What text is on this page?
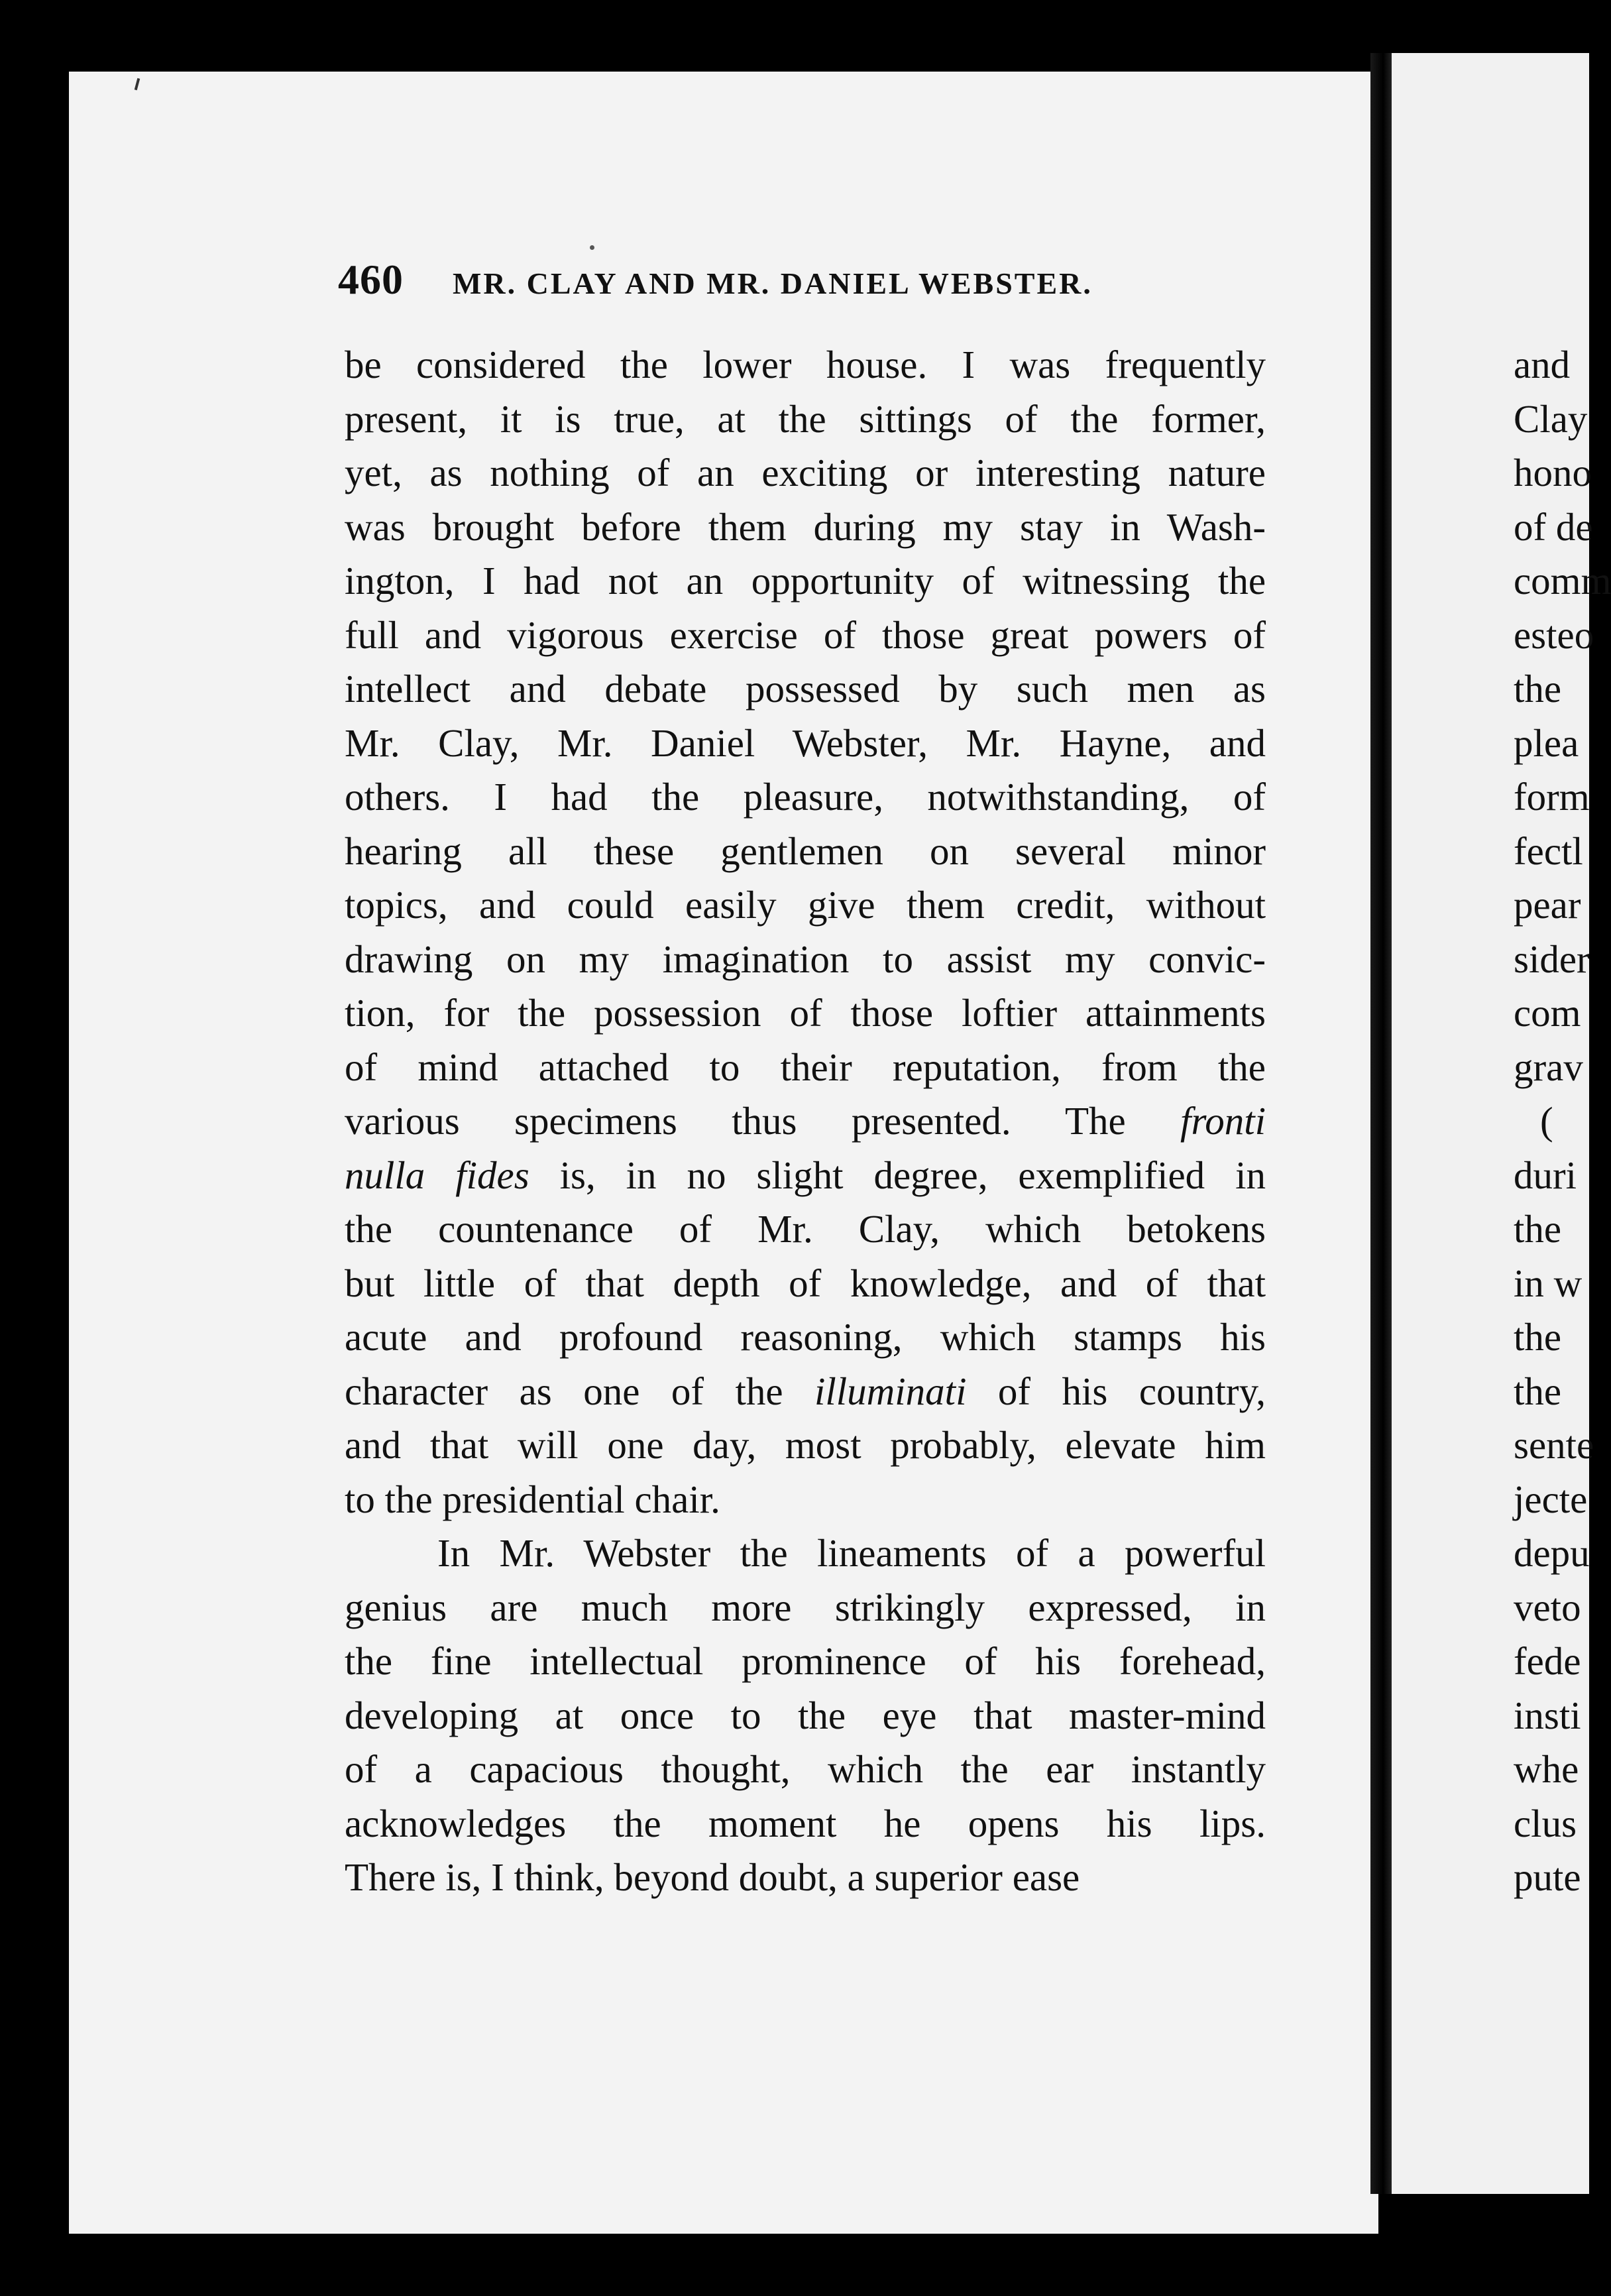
460 MR. CLAY AND MR. DANIEL WEBSTER.
be considered the lower house. I was frequently
present, it is true, at the sittings of the former,
yet, as nothing of an exciting or interesting nature
was brought before them during my stay in Wash-
ington, I had not an opportunity of witnessing the
full and vigorous exercise of those great powers of
intellect and debate possessed by such men as
Mr. Clay, Mr. Daniel Webster, Mr. Hayne, and
others. I had the pleasure, notwithstanding, of
hearing all these gentlemen on several minor
topics, and could easily give them credit, without
drawing on my imagination to assist my convic-
tion, for the possession of those loftier attainments
of mind attached to their reputation, from the
various specimens thus presented. The fronti
nulla fides is, in no slight degree, exemplified in
the countenance of Mr. Clay, which betokens
but little of that depth of knowledge, and of that
acute and profound reasoning, which stamps his
character as one of the illuminati of his country,
and that will one day, most probably, elevate him
to the presidential chair.
In Mr. Webster the lineaments of a powerful
genius are much more strikingly expressed, in
the fine intellectual prominence of his forehead,
developing at once to the eye that master-mind
of a capacious thought, which the ear instantly
acknowledges the moment he opens his lips.
There is, I think, beyond doubt, a superior ease
and
Clay
hono
of de
comm
esteo
the
plea
form
fectl
pear
sider
com
grav
(
duri
the
in w
the
the
sente
jecte
depu
veto
fede
insti
whe
clus
pute
